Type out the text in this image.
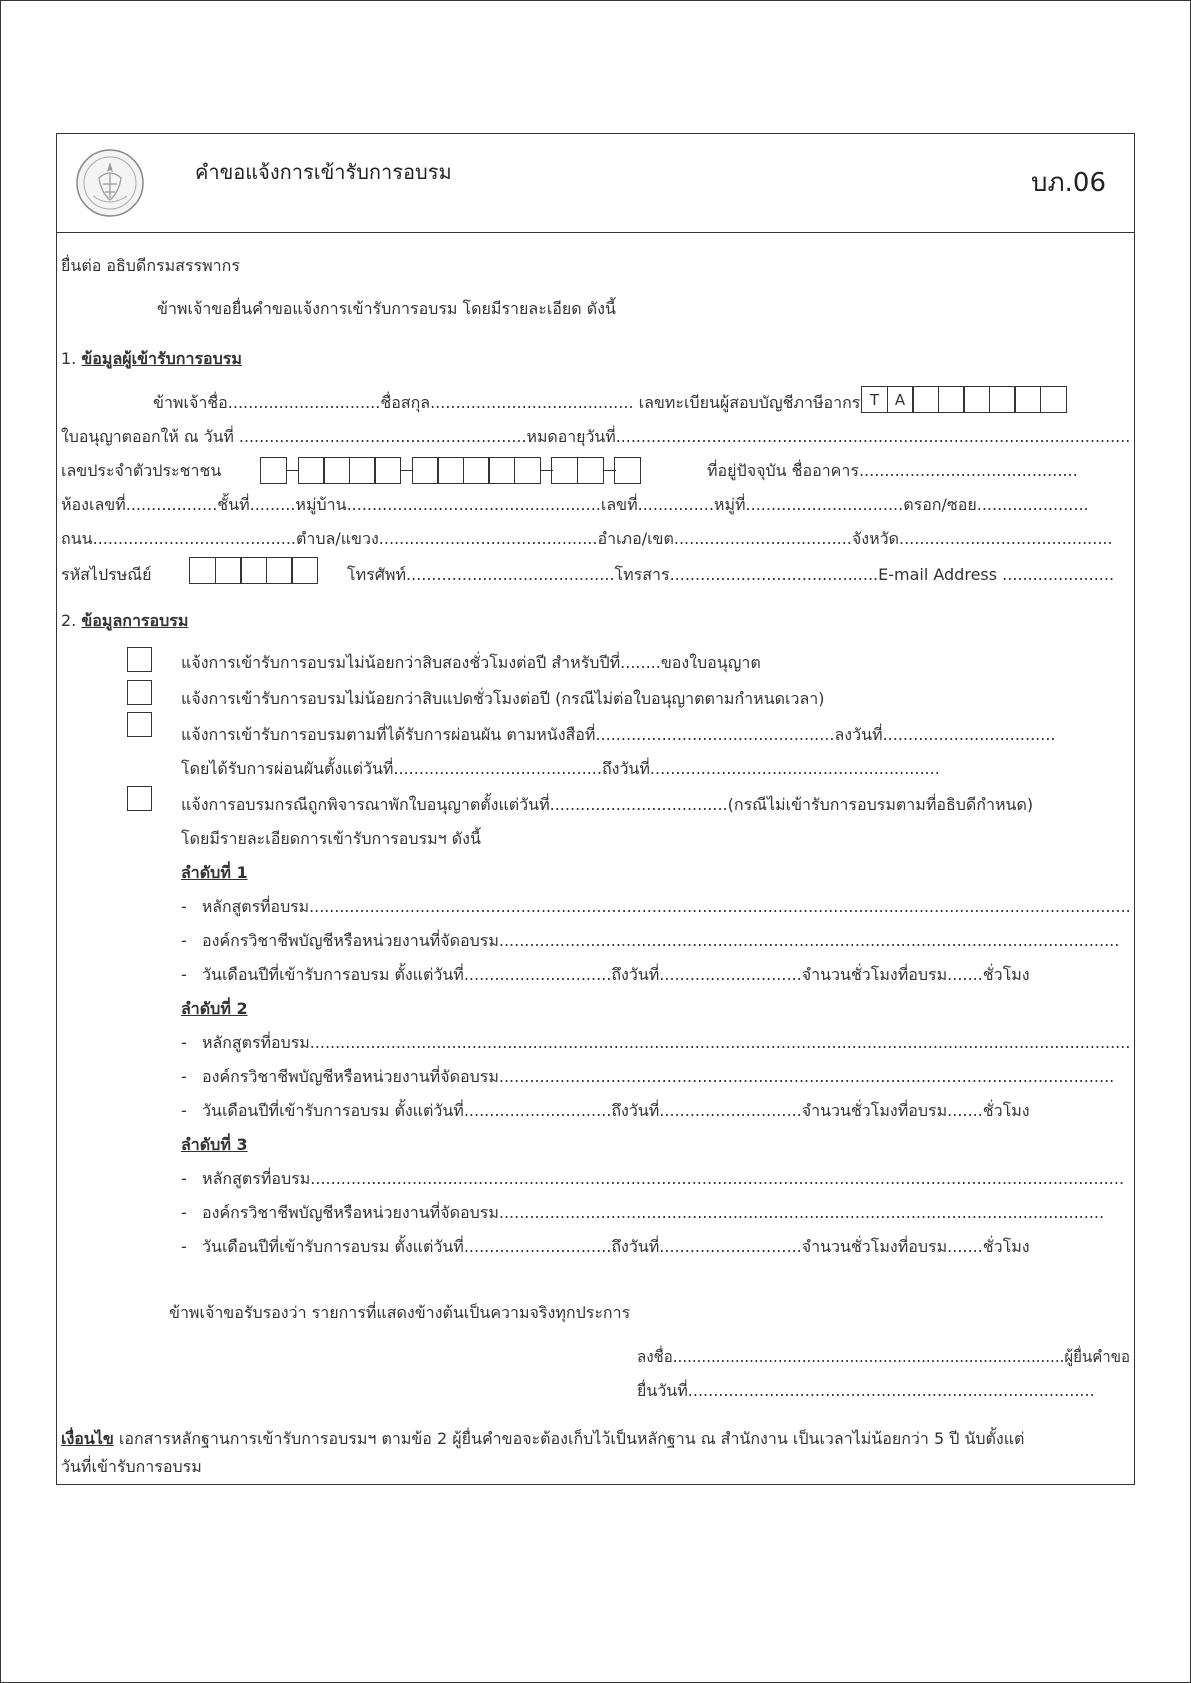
คำขอแจ้งการเข้ารับการอบรม	บภ.06
ยื่นต่อ อธิบดีกรมสรรพากร
ข้าพเจ้าขอยื่นคำขอแจ้งการเข้ารับการอบรม โดยมีรายละเอียด ดังนี้
1. ข้อมูลผู้เข้ารับการอบรม
ข้าพเจ้าชื่อ..............................ชื่อสกุล........................................ เลขทะเบียนผู้สอบบัญชีภาษีอากร T	A
ใบอนุญาตออกให้ ณ วันที่ .........................................................หมดอายุวันที่......................................................................................................
เลขประจำตัวประชาชน	ที่อยู่ปัจจุบัน ชื่ออาคาร...........................................
ห้องเลขที่..................ชั้นที่.........หมู่บ้าน..................................................เลขที่...............หมู่ที่...............................ตรอก/ซอย......................
ถนน........................................ตำบล/แขวง...........................................อำเภอ/เขต...................................จังหวัด..........................................
รหัสไปรษณีย์	โทรศัพท์.........................................โทรสาร.........................................E-mail Address ......................
2. ข้อมูลการอบรม
แจ้งการเข้ารับการอบรมไม่น้อยกว่าสิบสองชั่วโมงต่อปี สำหรับปีที่........ของใบอนุญาต
แจ้งการเข้ารับการอบรมไม่น้อยกว่าสิบแปดชั่วโมงต่อปี (กรณีไม่ต่อใบอนุญาตตามกำหนดเวลา)
แจ้งการเข้ารับการอบรมตามที่ได้รับการผ่อนผัน ตามหนังสือที่...............................................ลงวันที่..................................
โดยได้รับการผ่อนผันตั้งแต่วันที่.........................................ถึงวันที่.........................................................
แจ้งการอบรมกรณีถูกพิจารณาพักใบอนุญาตตั้งแต่วันที่...................................(กรณีไม่เข้ารับการอบรมตามที่อธิบดีกำหนด)
โดยมีรายละเอียดการเข้ารับการอบรมฯ ดังนี้
ลำดับที่ 1
-   หลักสูตรที่อบรม...................................................................................................................................................................
-   องค์กรวิชาชีพบัญชีหรือหน่วยงานที่จัดอบรม..........................................................................................................................
-   วันเดือนปีที่เข้ารับการอบรม ตั้งแต่วันที่.............................ถึงวันที่............................จำนวนชั่วโมงที่อบรม.......ชั่วโมง
ลำดับที่ 2
-   หลักสูตรที่อบรม..................................................................................................................................................................
-   องค์กรวิชาชีพบัญชีหรือหน่วยงานที่จัดอบรม.........................................................................................................................
-   วันเดือนปีที่เข้ารับการอบรม ตั้งแต่วันที่.............................ถึงวันที่............................จำนวนชั่วโมงที่อบรม.......ชั่วโมง
ลำดับที่ 3
-   หลักสูตรที่อบรม................................................................................................................................................................
-   องค์กรวิชาชีพบัญชีหรือหน่วยงานที่จัดอบรม.......................................................................................................................
-   วันเดือนปีที่เข้ารับการอบรม ตั้งแต่วันที่.............................ถึงวันที่............................จำนวนชั่วโมงที่อบรม.......ชั่วโมง
ข้าพเจ้าขอรับรองว่า รายการที่แสดงข้างต้นเป็นความจริงทุกประการ
ลงชื่อ..................................................................................ผู้ยื่นคำขอ
ยื่นวันที่................................................................................
เงื่อนไข เอกสารหลักฐานการเข้ารับการอบรมฯ ตามข้อ 2 ผู้ยื่นคำขอจะต้องเก็บไว้เป็นหลักฐาน ณ สำนักงาน เป็นเวลาไม่น้อยกว่า 5 ปี นับตั้งแต่
วันที่เข้ารับการอบรม
